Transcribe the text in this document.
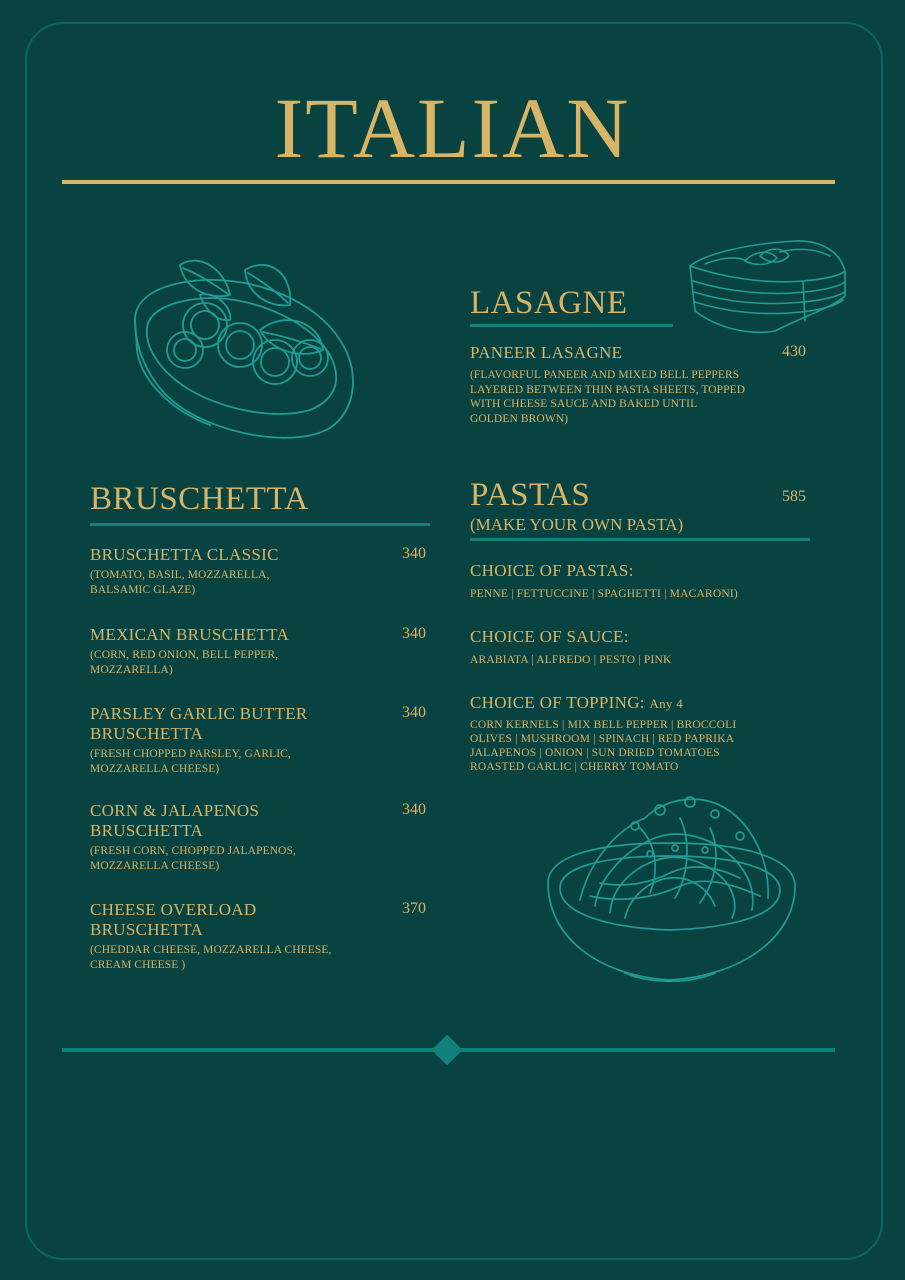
ITALIAN
LASAGNE
PANEER LASAGNE	430
(FLAVORFUL PANEER AND MIXED BELL PEPPERS
LAYERED BETWEEN THIN PASTA SHEETS, TOPPED
WITH CHEESE SAUCE AND BAKED UNTIL
GOLDEN BROWN)
BRUSCHETTA
BRUSCHETTA CLASSIC	340
(TOMATO, BASIL, MOZZARELLA,
BALSAMIC GLAZE)
MEXICAN BRUSCHETTA	340
(CORN, RED ONION, BELL PEPPER,
MOZZARELLA)
PARSLEY GARLIC BUTTER
BRUSCHETTA
340
(FRESH CHOPPED PARSLEY, GARLIC,
MOZZARELLA CHEESE)
CORN & JALAPENOS
BRUSCHETTA
340
(FRESH CORN, CHOPPED JALAPENOS,
MOZZARELLA CHEESE)
CHEESE OVERLOAD
BRUSCHETTA
370
(CHEDDAR CHEESE, MOZZARELLA CHEESE,
CREAM CHEESE )
PASTAS	585
(MAKE YOUR OWN PASTA)
CHOICE OF PASTAS:
PENNE | FETTUCCINE | SPAGHETTI | MACARONI)
CHOICE OF SAUCE:
ARABIATA | ALFREDO | PESTO | PINK
CHOICE OF TOPPING: Any 4
CORN KERNELS | MIX BELL PEPPER | BROCCOLI
OLIVES | MUSHROOM | SPINACH | RED PAPRIKA
JALAPENOS | ONION | SUN DRIED TOMATOES
ROASTED GARLIC | CHERRY TOMATO
